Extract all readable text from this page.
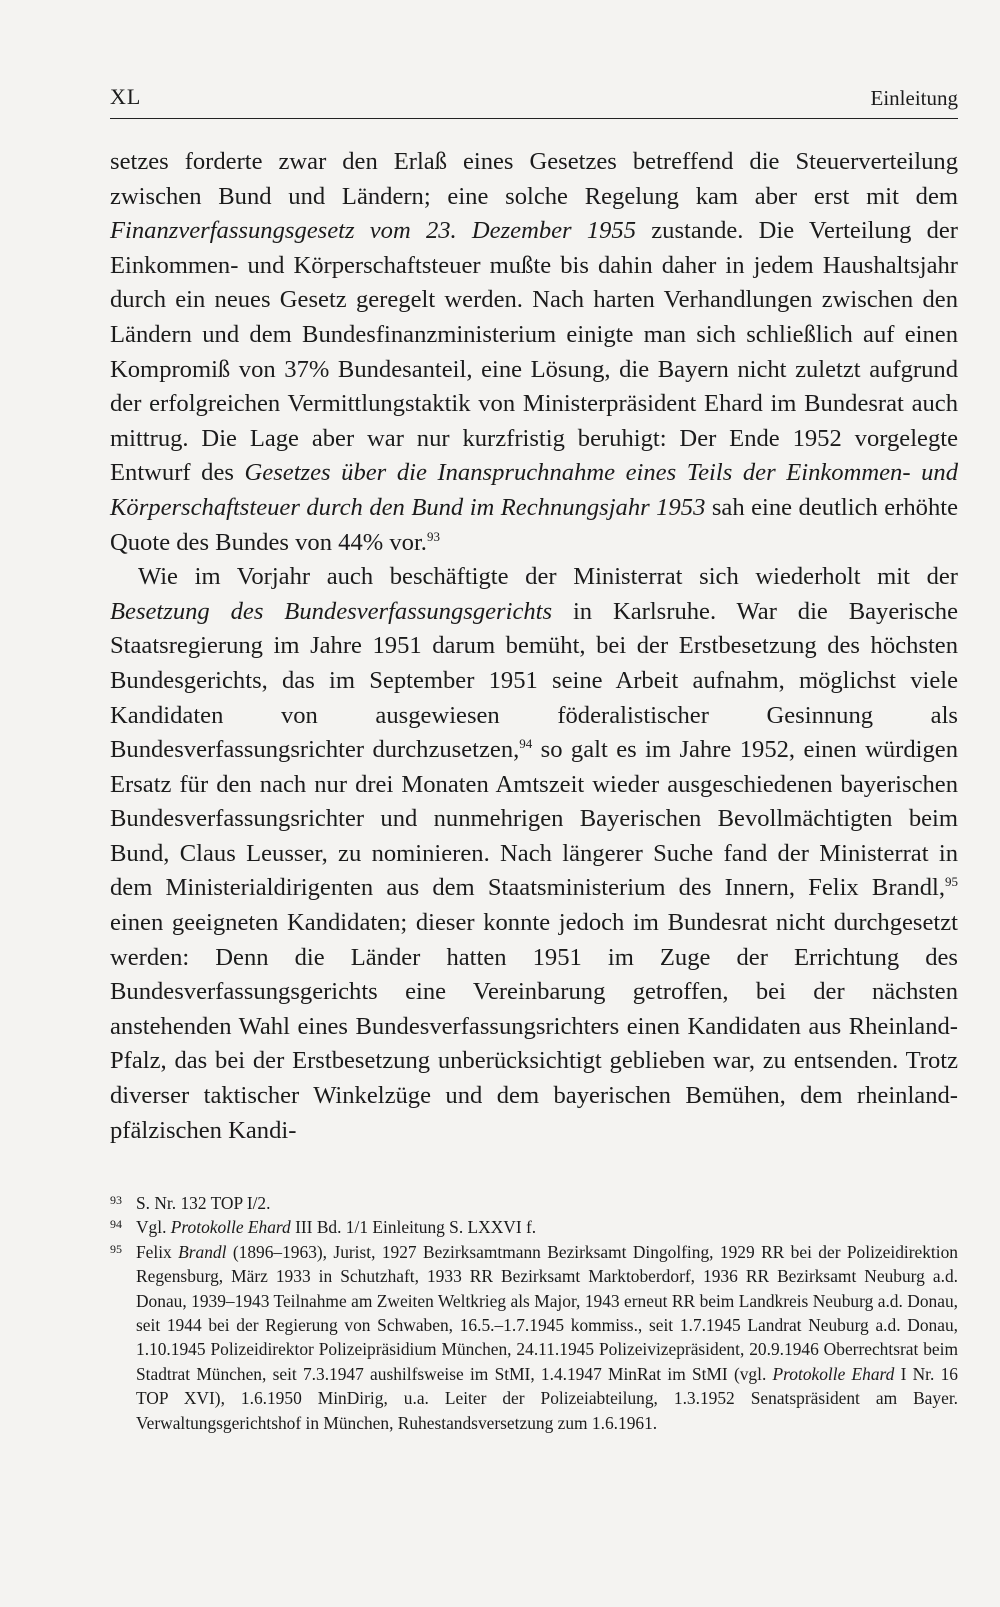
XL	Einleitung

setzes forderte zwar den Erlaß eines Gesetzes betreffend die Steuerverteilung zwischen Bund und Ländern; eine solche Regelung kam aber erst mit dem Finanzverfassungsgesetz vom 23. Dezember 1955 zustande. Die Verteilung der Einkommen- und Körperschaftsteuer mußte bis dahin daher in jedem Haushaltsjahr durch ein neues Gesetz geregelt werden. Nach harten Verhandlungen zwischen den Ländern und dem Bundesfinanzministerium einigte man sich schließlich auf einen Kompromiß von 37% Bundesanteil, eine Lösung, die Bayern nicht zuletzt aufgrund der erfolgreichen Vermittlungstaktik von Ministerpräsident Ehard im Bundesrat auch mittrug. Die Lage aber war nur kurzfristig beruhigt: Der Ende 1952 vorgelegte Entwurf des Gesetzes über die Inanspruchnahme eines Teils der Einkommen- und Körperschaftsteuer durch den Bund im Rechnungsjahr 1953 sah eine deutlich erhöhte Quote des Bundes von 44% vor.$^{93}$

Wie im Vorjahr auch beschäftigte der Ministerrat sich wiederholt mit der Besetzung des Bundesverfassungsgerichts in Karlsruhe. War die Bayerische Staatsregierung im Jahre 1951 darum bemüht, bei der Erstbesetzung des höchsten Bundesgerichts, das im September 1951 seine Arbeit aufnahm, möglichst viele Kandidaten von ausgewiesen föderalistischer Gesinnung als Bundesverfassungsrichter durchzusetzen,$^{94}$ so galt es im Jahre 1952, einen würdigen Ersatz für den nach nur drei Monaten Amtszeit wieder ausgeschiedenen bayerischen Bundesverfassungsrichter und nunmehrigen Bayerischen Bevollmächtigten beim Bund, Claus Leusser, zu nominieren. Nach längerer Suche fand der Ministerrat in dem Ministerialdirigenten aus dem Staatsministerium des Innern, Felix Brandl,$^{95}$ einen geeigneten Kandidaten; dieser konnte jedoch im Bundesrat nicht durchgesetzt werden: Denn die Länder hatten 1951 im Zuge der Errichtung des Bundesverfassungsgerichts eine Vereinbarung getroffen, bei der nächsten anstehenden Wahl eines Bundesverfassungsrichters einen Kandidaten aus Rheinland-Pfalz, das bei der Erstbesetzung unberücksichtigt geblieben war, zu entsenden. Trotz diverser taktischer Winkelzüge und dem bayerischen Bemühen, dem rheinland-pfälzischen Kandi-

93 S. Nr. 132 TOP I/2.
94 Vgl. Protokolle Ehard III Bd. 1/1 Einleitung S. LXXVI f.
95 Felix Brandl (1896–1963), Jurist, 1927 Bezirksamtmann Bezirksamt Dingolfing, 1929 RR bei der Polizeidirektion Regensburg, März 1933 in Schutzhaft, 1933 RR Bezirksamt Marktoberdorf, 1936 RR Bezirksamt Neuburg a.d. Donau, 1939–1943 Teilnahme am Zweiten Weltkrieg als Major, 1943 erneut RR beim Landkreis Neuburg a.d. Donau, seit 1944 bei der Regierung von Schwaben, 16.5.–1.7.1945 kommiss., seit 1.7.1945 Landrat Neuburg a.d. Donau, 1.10.1945 Polizeidirektor Polizeipräsidium München, 24.11.1945 Polizeivizepräsident, 20.9.1946 Oberrechtsrat beim Stadtrat München, seit 7.3.1947 aushilfsweise im StMI, 1.4.1947 MinRat im StMI (vgl. Protokolle Ehard I Nr. 16 TOP XVI), 1.6.1950 MinDirig, u.a. Leiter der Polizeiabteilung, 1.3.1952 Senatspräsident am Bayer. Verwaltungsgerichtshof in München, Ruhestandsversetzung zum 1.6.1961.
